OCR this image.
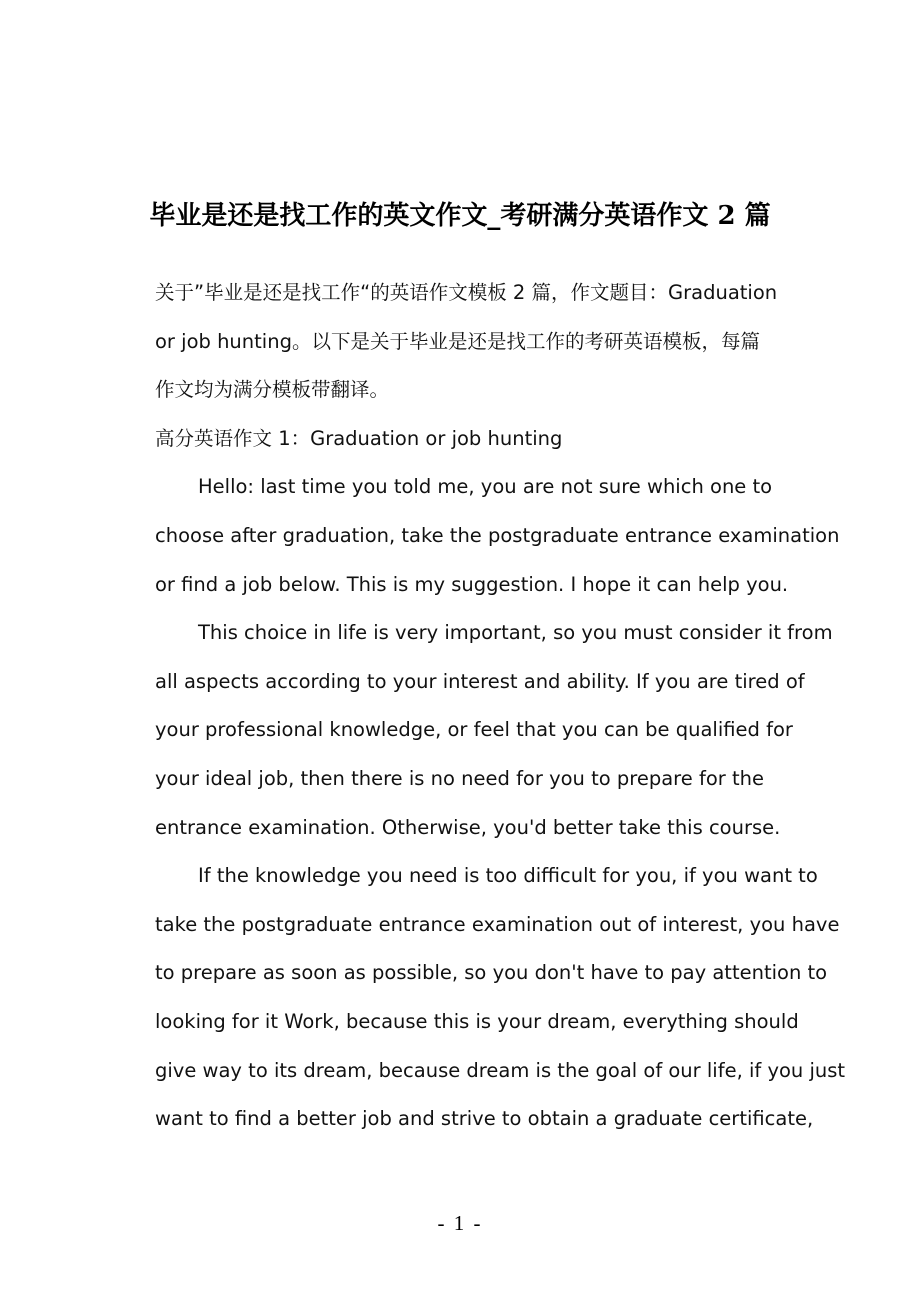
毕业是还是找工作的英文作文_考研满分英语作文 2 篇

关于”毕业是还是找工作“的英语作文模板 2 篇，作文题目：Graduation
or job hunting。以下是关于毕业是还是找工作的考研英语模板，每篇
作文均为满分模板带翻译。

高分英语作文 1：Graduation or job hunting

Hello: last time you told me, you are not sure which one to
choose after graduation, take the postgraduate entrance examination
or find a job below. This is my suggestion. I hope it can help you.

This choice in life is very important, so you must consider it from
all aspects according to your interest and ability. If you are tired of
your professional knowledge, or feel that you can be qualified for
your ideal job, then there is no need for you to prepare for the
entrance examination. Otherwise, you'd better take this course.

If the knowledge you need is too difficult for you, if you want to
take the postgraduate entrance examination out of interest, you have
to prepare as soon as possible, so you don't have to pay attention to
looking for it Work, because this is your dream, everything should
give way to its dream, because dream is the goal of our life, if you just
want to find a better job and strive to obtain a graduate certificate,

- 1 -
